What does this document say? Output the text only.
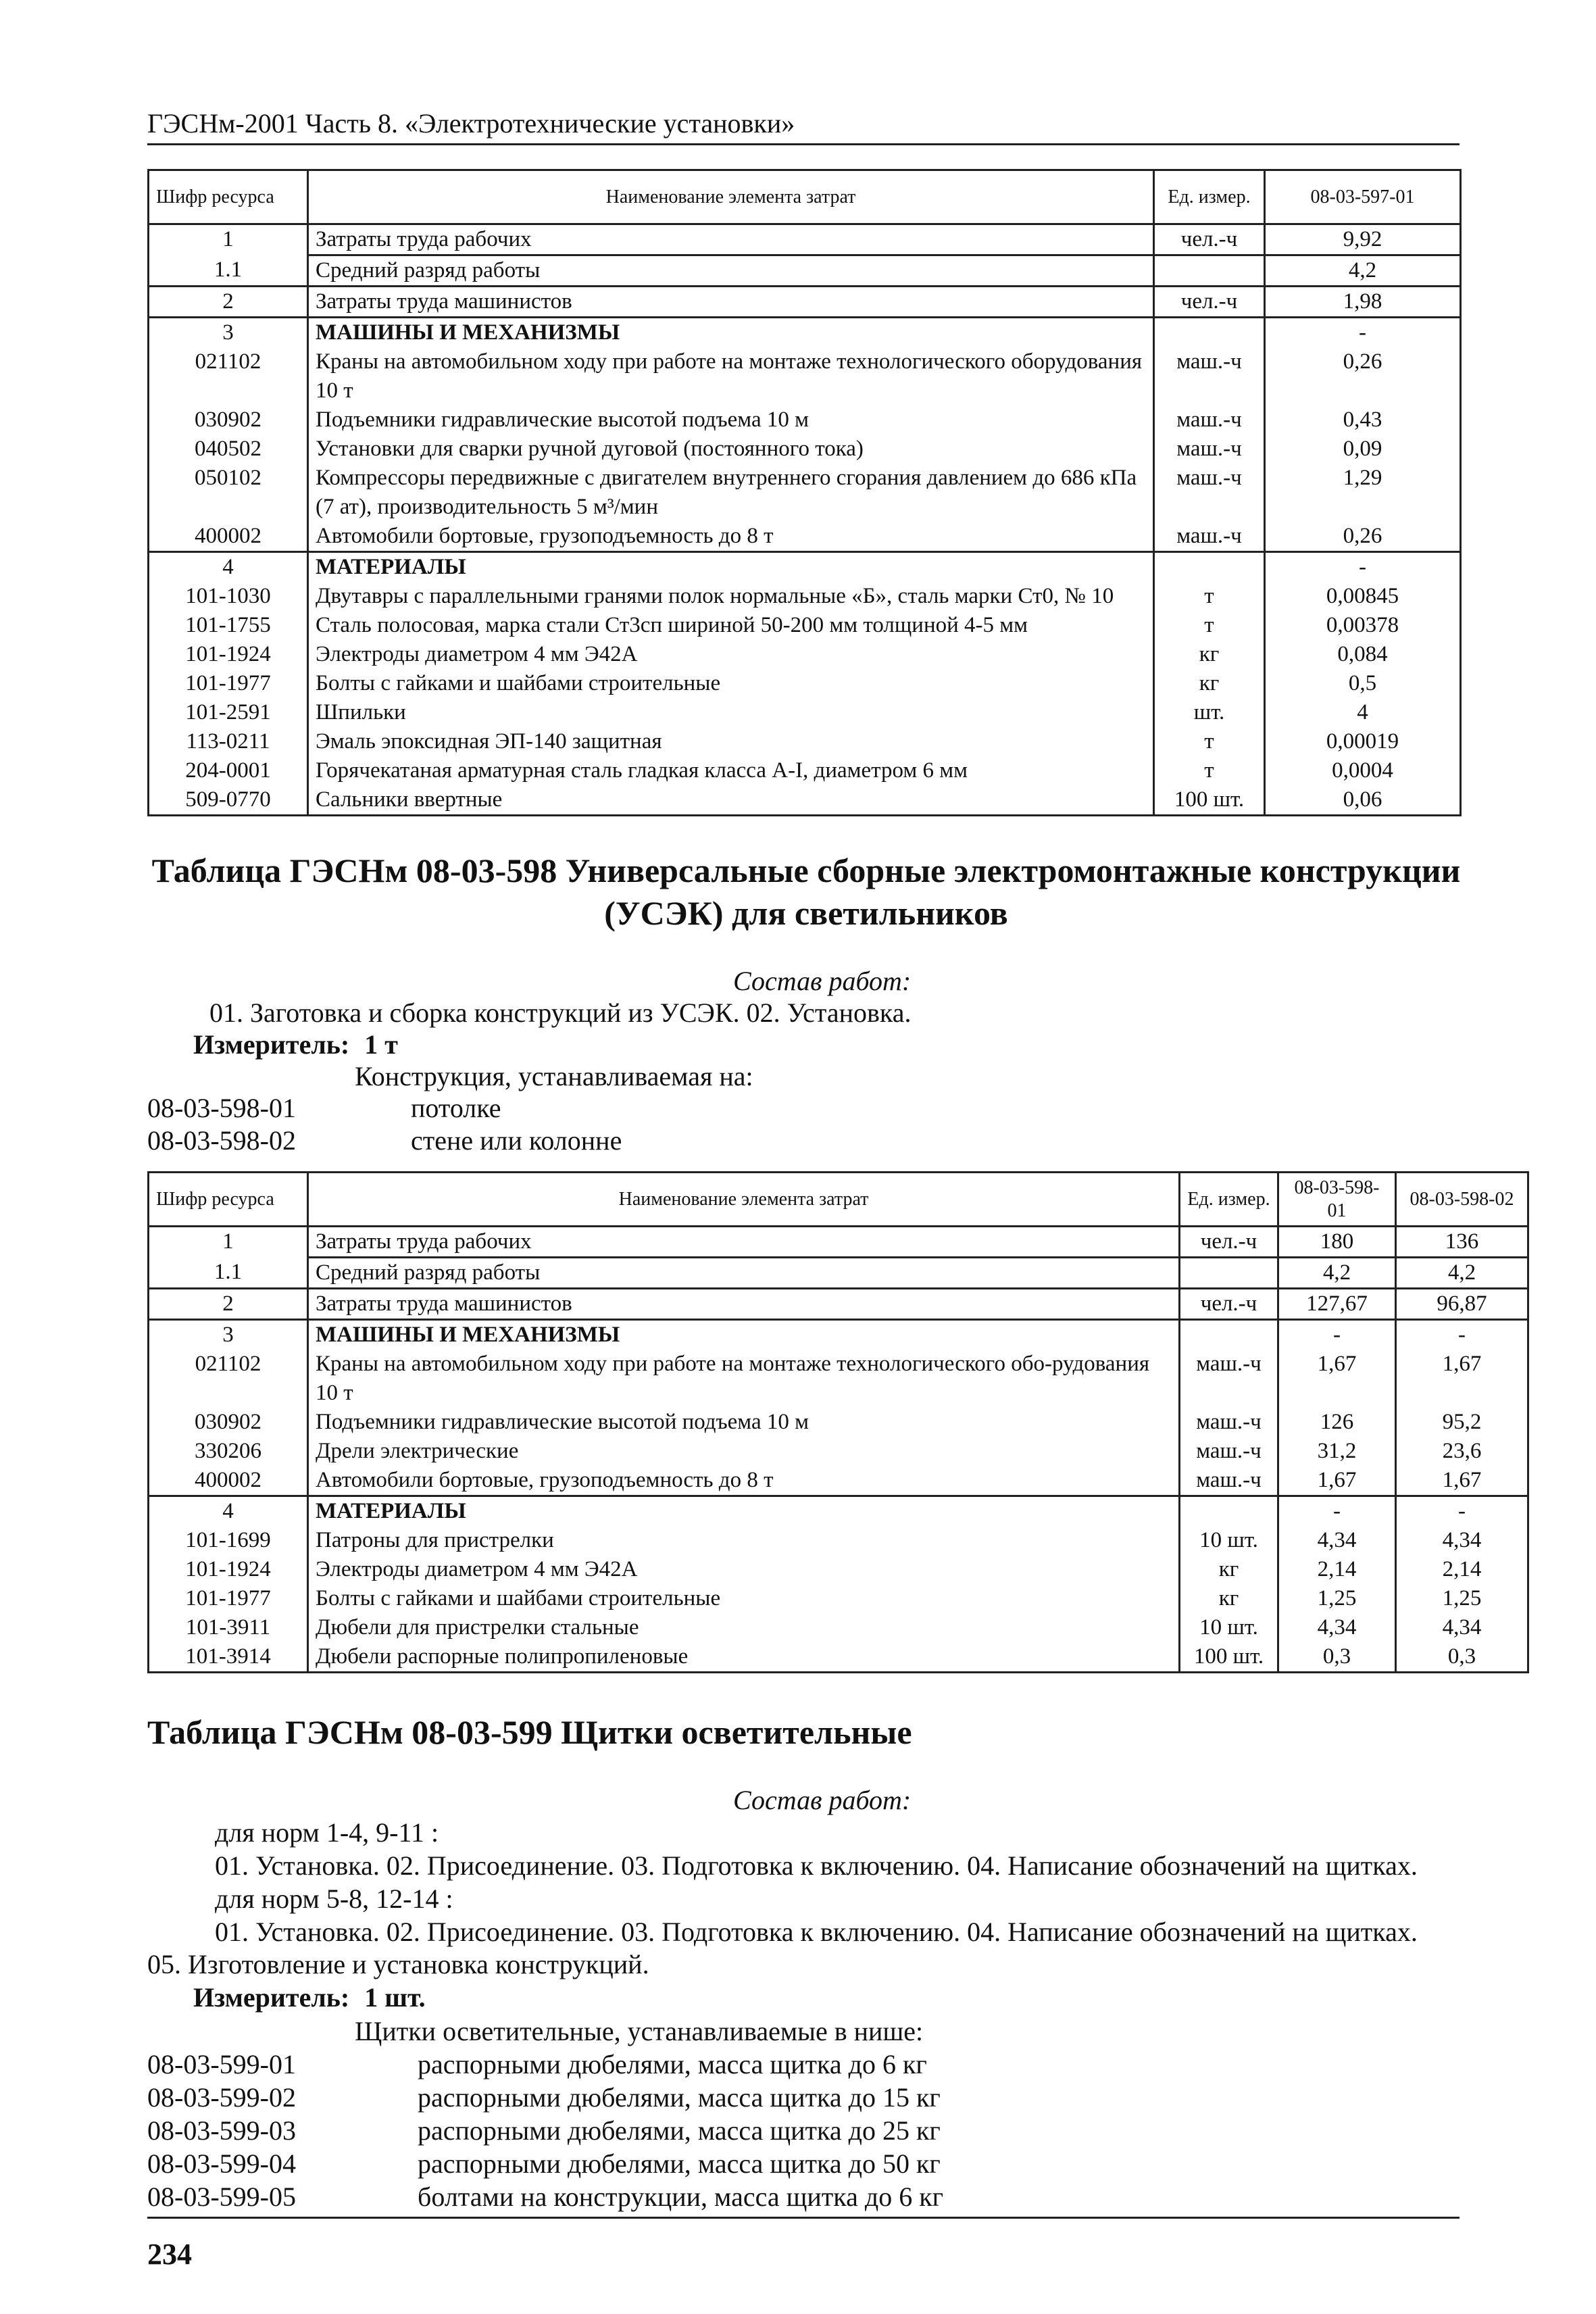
ГЭСНм-2001 Часть 8. «Электротехнические установки»
Шифр ресурса	Наименование элемента затрат	Ед. измер.	08-03-597-01
1	Затраты труда рабочих	чел.-ч	9,92
1.1	Средний разряд работы		4,2
2	Затраты труда машинистов	чел.-ч	1,98
3	МАШИНЫ И МЕХАНИЗМЫ		-
021102	Краны на автомобильном ходу при работе на монтаже технологического оборудования 10 т	маш.-ч	0,26
030902	Подъемники гидравлические высотой подъема 10 м	маш.-ч	0,43
040502	Установки для сварки ручной дуговой (постоянного тока)	маш.-ч	0,09
050102	Компрессоры передвижные с двигателем внутреннего сгорания давлением до 686 кПа (7 ат), производительность 5 м³/мин	маш.-ч	1,29
400002	Автомобили бортовые, грузоподъемность до 8 т	маш.-ч	0,26
4	МАТЕРИАЛЫ		-
101-1030	Двутавры с параллельными гранями полок нормальные «Б», сталь марки Ст0, № 10	т	0,00845
101-1755	Сталь полосовая, марка стали Ст3сп шириной 50-200 мм толщиной 4-5 мм	т	0,00378
101-1924	Электроды диаметром 4 мм Э42А	кг	0,084
101-1977	Болты с гайками и шайбами строительные	кг	0,5
101-2591	Шпильки	шт.	4
113-0211	Эмаль эпоксидная ЭП-140 защитная	т	0,00019
204-0001	Горячекатаная арматурная сталь гладкая класса А-I, диаметром 6 мм	т	0,0004
509-0770	Сальники ввертные	100 шт.	0,06
Таблица ГЭСНм 08-03-598 Универсальные сборные электромонтажные конструкции
(УСЭК) для светильников
Состав работ:
01. Заготовка и сборка конструкций из УСЭК. 02. Установка.
Измеритель: 1 т
Конструкция, устанавливаемая на:
08-03-598-01	потолке
08-03-598-02	стене или колонне
Шифр ресурса	Наименование элемента затрат	Ед. измер.	08-03-598-01	08-03-598-02
1	Затраты труда рабочих	чел.-ч	180	136
1.1	Средний разряд работы		4,2	4,2
2	Затраты труда машинистов	чел.-ч	127,67	96,87
3	МАШИНЫ И МЕХАНИЗМЫ		-	-
021102	Краны на автомобильном ходу при работе на монтаже технологического обо-рудования 10 т	маш.-ч	1,67	1,67
030902	Подъемники гидравлические высотой подъема 10 м	маш.-ч	126	95,2
330206	Дрели электрические	маш.-ч	31,2	23,6
400002	Автомобили бортовые, грузоподъемность до 8 т	маш.-ч	1,67	1,67
4	МАТЕРИАЛЫ		-	-
101-1699	Патроны для пристрелки	10 шт.	4,34	4,34
101-1924	Электроды диаметром 4 мм Э42А	кг	2,14	2,14
101-1977	Болты с гайками и шайбами строительные	кг	1,25	1,25
101-3911	Дюбели для пристрелки стальные	10 шт.	4,34	4,34
101-3914	Дюбели распорные полипропиленовые	100 шт.	0,3	0,3
Таблица ГЭСНм 08-03-599 Щитки осветительные
Состав работ:
для норм 1-4, 9-11 :
01. Установка. 02. Присоединение. 03. Подготовка к включению. 04. Написание обозначений на щитках.
для норм 5-8, 12-14 :
01. Установка. 02. Присоединение. 03. Подготовка к включению. 04. Написание обозначений на щитках.
05. Изготовление и установка конструкций.
Измеритель: 1 шт.
Щитки осветительные, устанавливаемые в нише:
08-03-599-01	распорными дюбелями, масса щитка до 6 кг
08-03-599-02	распорными дюбелями, масса щитка до 15 кг
08-03-599-03	распорными дюбелями, масса щитка до 25 кг
08-03-599-04	распорными дюбелями, масса щитка до 50 кг
08-03-599-05	болтами на конструкции, масса щитка до 6 кг
234
